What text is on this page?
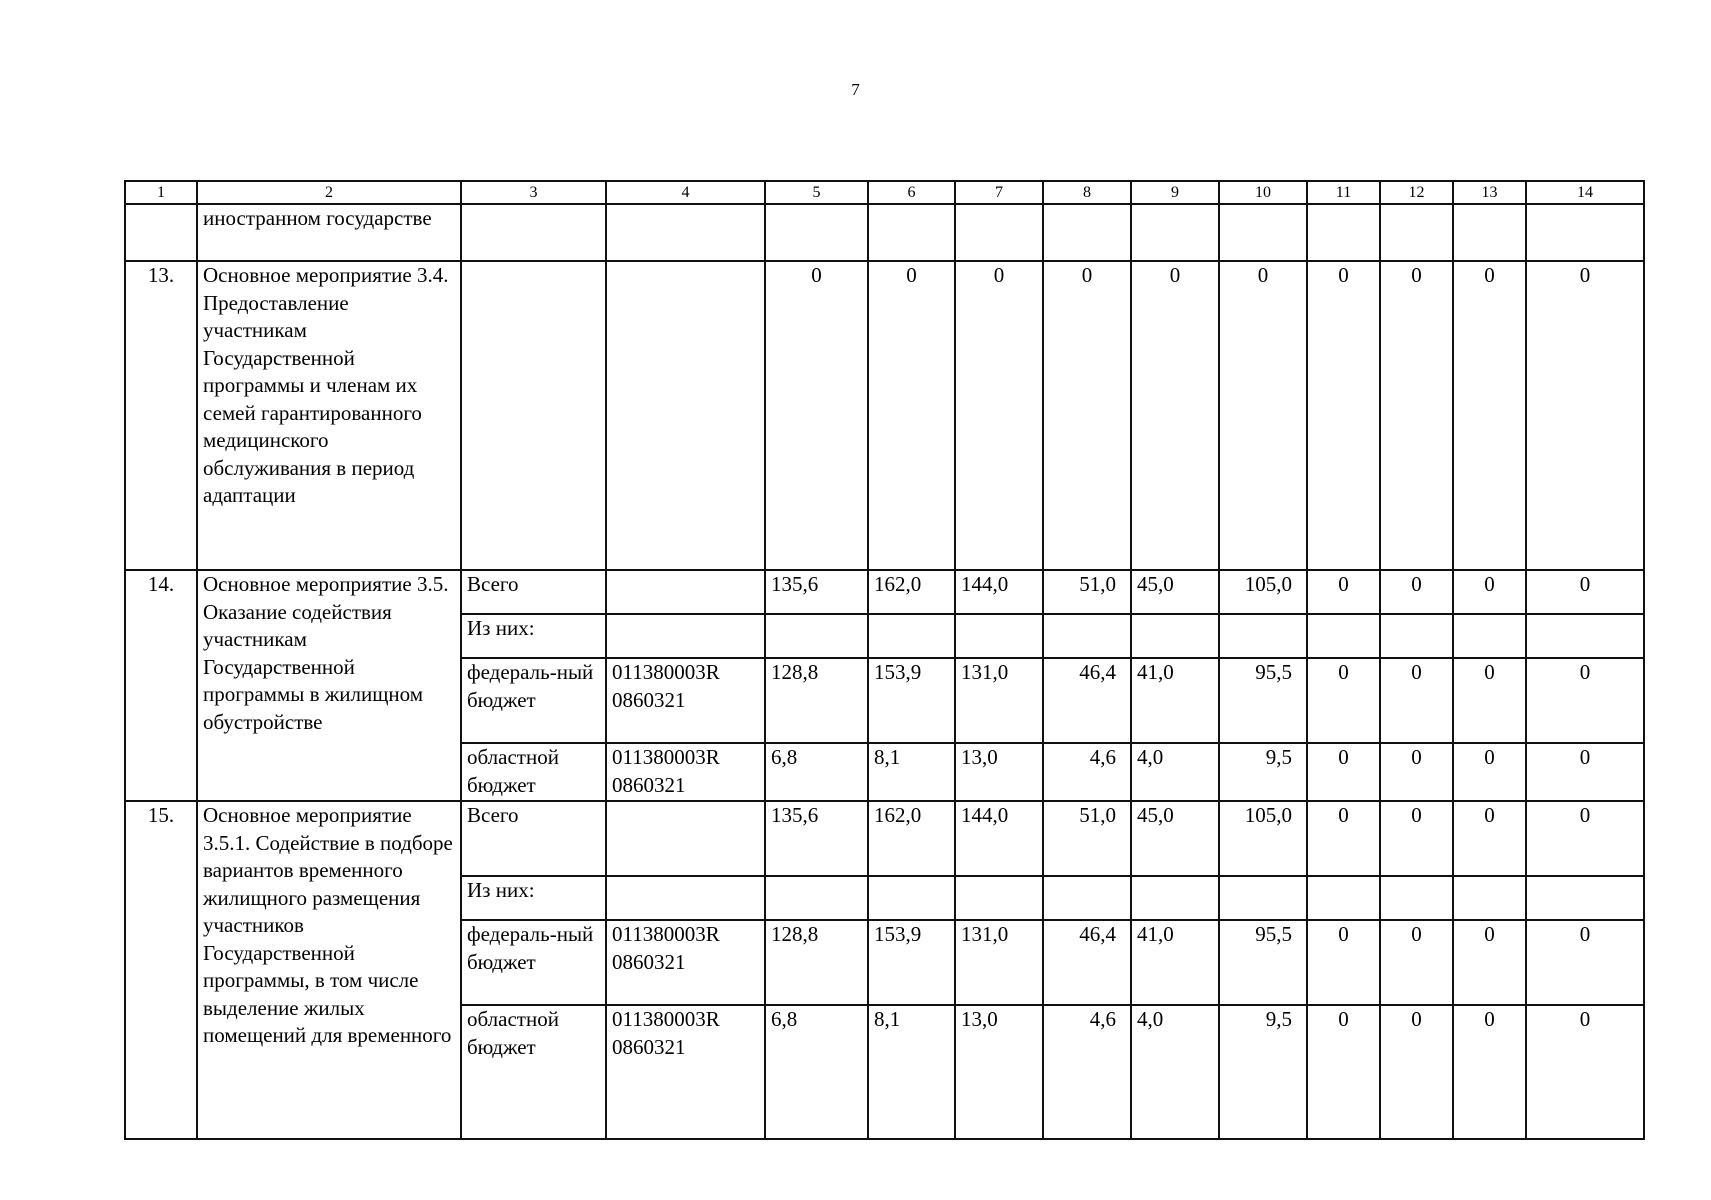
7
1	2	3	4	5	6	7	8	9	10	11	12	13	14
	иностранном государстве												
13.	Основное мероприятие 3.4. Предоставление участникам Государственной программы и членам их семей гарантированного медицинского обслуживания в период адаптации			0	0	0	0	0	0	0	0	0	0
14.	Основное мероприятие 3.5. Оказание содействия участникам Государственной программы в жилищном обустройстве	Всего		135,6	162,0	144,0	51,0	45,0	105,0	0	0	0	0
		Из них:											
		федераль-ный бюджет	011380003R 0860321	128,8	153,9	131,0	46,4	41,0	95,5	0	0	0	0
		областной бюджет	011380003R 0860321	6,8	8,1	13,0	4,6	4,0	9,5	0	0	0	0
15.	Основное мероприятие 3.5.1. Содействие в подборе вариантов временного жилищного размещения участников Государственной программы, в том числе выделение жилых помещений для временного	Всего		135,6	162,0	144,0	51,0	45,0	105,0	0	0	0	0
		Из них:											
		федераль-ный бюджет	011380003R 0860321	128,8	153,9	131,0	46,4	41,0	95,5	0	0	0	0
		областной бюджет	011380003R 0860321	6,8	8,1	13,0	4,6	4,0	9,5	0	0	0	0
